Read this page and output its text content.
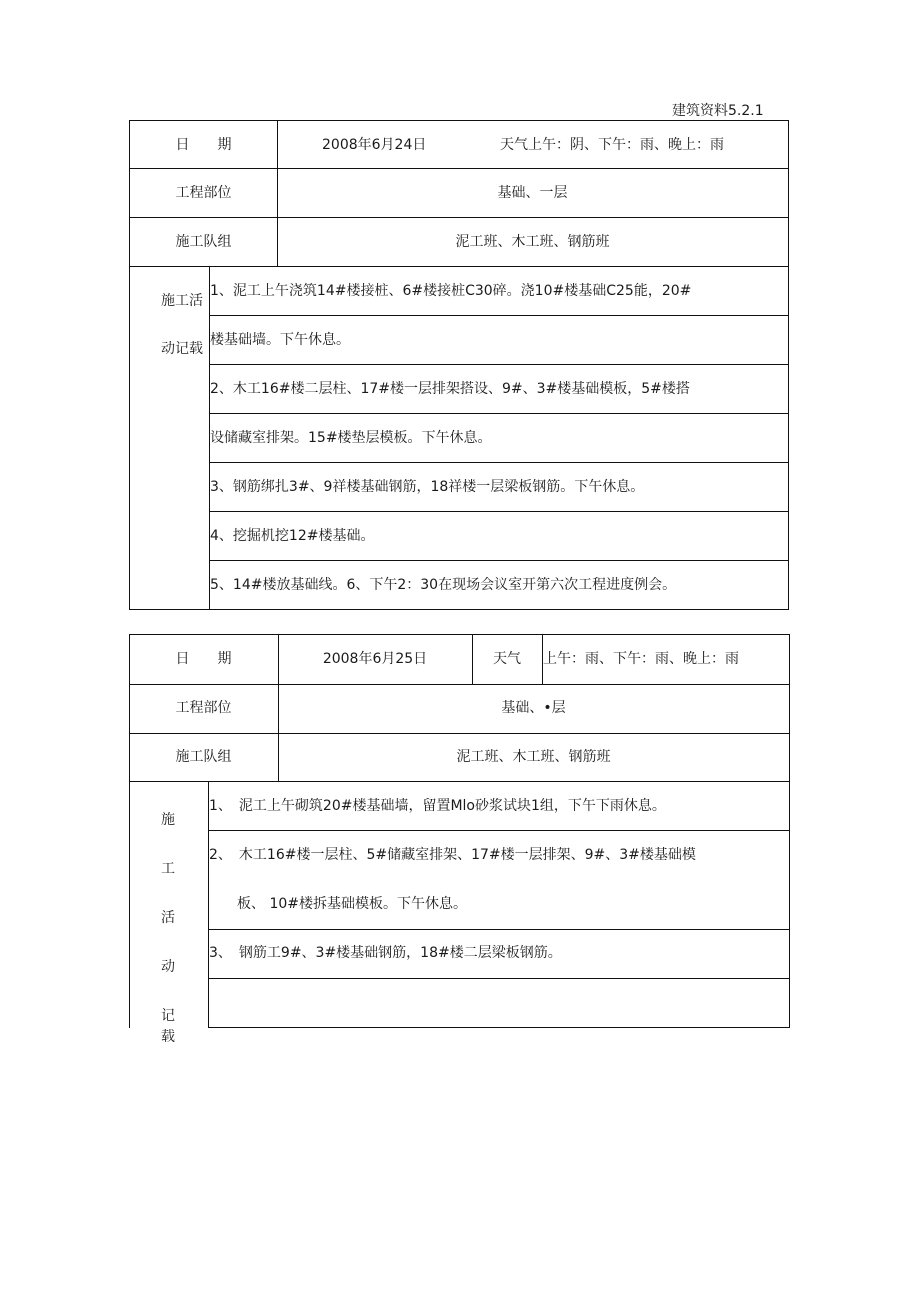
建筑资料5.2.1
日　　期	2008年6月24日	天气上午：阴、下午：雨、晚上：雨
工程部位	基础、一层
施工队组	泥工班、木工班、钢筋班
施工活
动记载
1、泥工上午浇筑14#楼接桩、6#楼接桩C30碎。浇10#楼基础C25能，20#
楼基础墙。下午休息。
2、木工16#楼二层柱、17#楼一层排架搭设、9#、3#楼基础模板，5#楼搭
设储藏室排架。15#楼垫层模板。下午休息。
3、钢筋绑扎3#、9祥楼基础钢筋，18祥楼一层梁板钢筋。下午休息。
4、挖掘机挖12#楼基础。
5、14#楼放基础线。6、下午2：30在现场会议室开第六次工程进度例会。
日　　期	2008年6月25日	天气	上午：雨、下午：雨、晚上：雨
工程部位	基础、•层
施工队组	泥工班、木工班、钢筋班
施
工
活
动
记
载
1、　泥工上午砌筑20#楼基础墙，留置Mlo砂浆试块1组，下午下雨休息。
2、　木工16#楼一层柱、5#储藏室排架、17#楼一层排架、9#、3#楼基础模
　　板、 10#楼拆基础模板。下午休息。
3、　钢筋工9#、3#楼基础钢筋，18#楼二层梁板钢筋。
